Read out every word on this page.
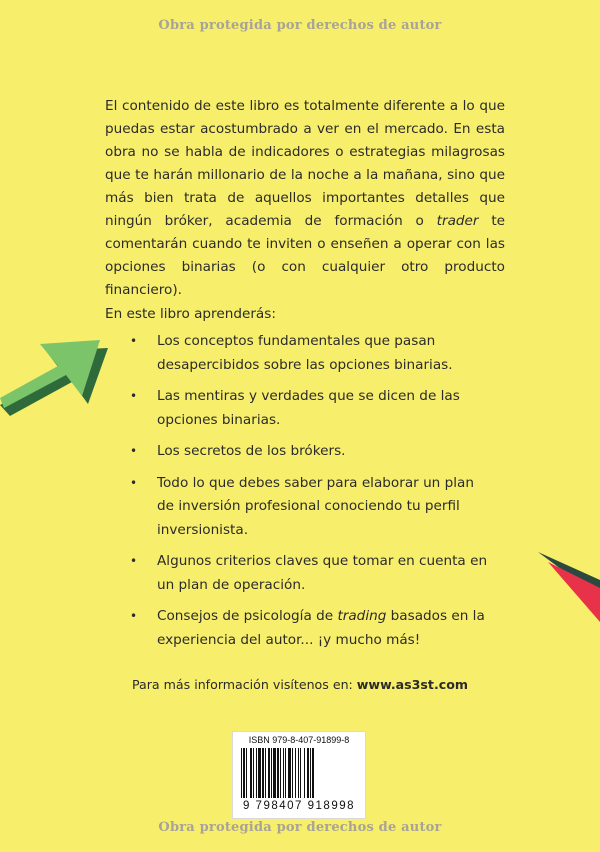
Obra protegida por derechos de autor

El contenido de este libro es totalmente diferente a lo que puedas estar acostumbrado a ver en el mercado. En esta obra no se habla de indicadores o estrategias milagrosas que te harán millonario de la noche a la mañana, sino que más bien trata de aquellos importantes detalles que ningún bróker, academia de formación o trader te comentarán cuando te inviten o enseñen a operar con las opciones binarias (o con cualquier otro producto financiero).

En este libro aprenderás:
• Los conceptos fundamentales que pasan desapercibidos sobre las opciones binarias.
• Las mentiras y verdades que se dicen de las opciones binarias.
• Los secretos de los brókers.
• Todo lo que debes saber para elaborar un plan de inversión profesional conociendo tu perfil inversionista.
• Algunos criterios claves que tomar en cuenta en un plan de operación.
• Consejos de psicología de trading basados en la experiencia del autor... ¡y mucho más!

Para más información visítenos en: www.as3st.com

ISBN 979-8-407-91899-8
9 798407 918998
Obra protegida por derechos de autor
